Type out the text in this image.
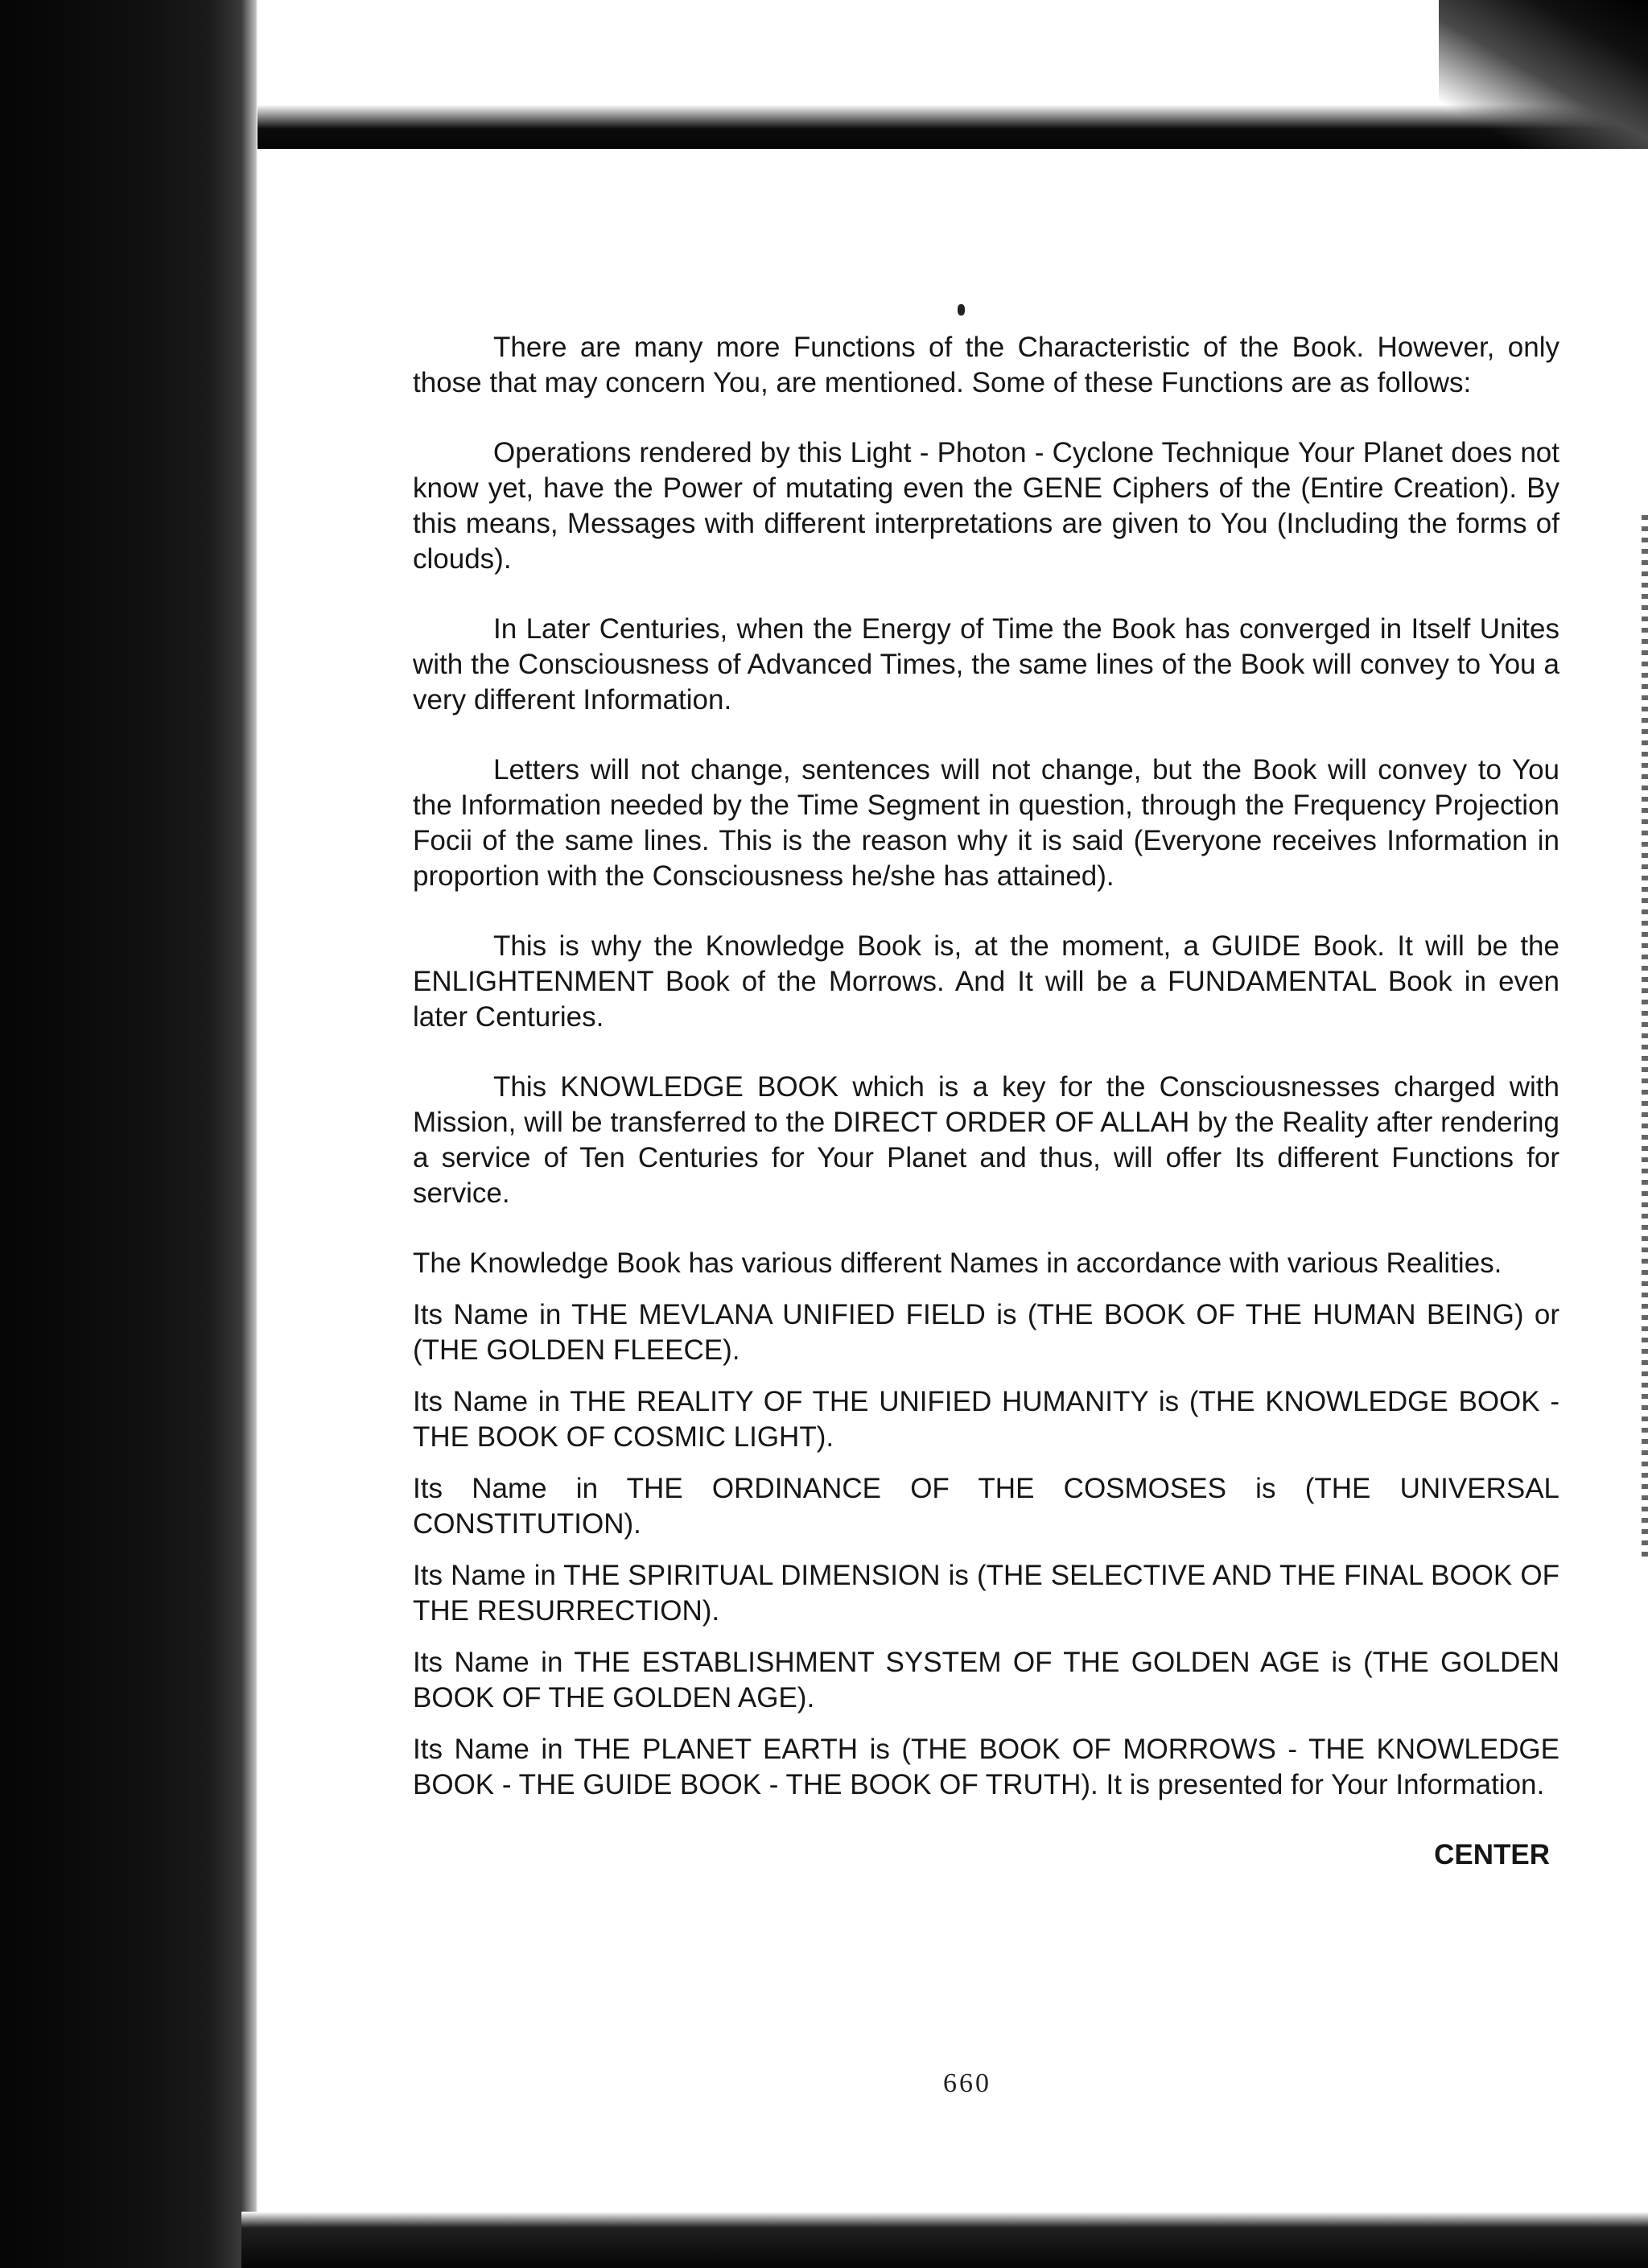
There are many more Functions of the Characteristic of the Book. However, only those that may concern You, are mentioned. Some of these Functions are as follows:

Operations rendered by this Light - Photon - Cyclone Technique Your Planet does not know yet, have the Power of mutating even the GENE Ciphers of the (Entire Creation). By this means, Messages with different interpretations are given to You (Including the forms of clouds).

In Later Centuries, when the Energy of Time the Book has converged in Itself Unites with the Consciousness of Advanced Times, the same lines of the Book will convey to You a very different Information.

Letters will not change, sentences will not change, but the Book will convey to You the Information needed by the Time Segment in question, through the Frequency Projection Focii of the same lines. This is the reason why it is said (Everyone receives Information in proportion with the Consciousness he/she has attained).

This is why the Knowledge Book is, at the moment, a GUIDE Book. It will be the ENLIGHTENMENT Book of the Morrows. And It will be a FUNDAMENTAL Book in even later Centuries.

This KNOWLEDGE BOOK which is a key for the Consciousnesses charged with Mission, will be transferred to the DIRECT ORDER OF ALLAH by the Reality after rendering a service of Ten Centuries for Your Planet and thus, will offer Its different Functions for service.

The Knowledge Book has various different Names in accordance with various Realities.

Its Name in THE MEVLANA UNIFIED FIELD is (THE BOOK OF THE HUMAN BEING) or (THE GOLDEN FLEECE).

Its Name in THE REALITY OF THE UNIFIED HUMANITY is (THE KNOWLEDGE BOOK - THE BOOK OF COSMIC LIGHT).

Its Name in THE ORDINANCE OF THE COSMOSES is (THE UNIVERSAL CONSTITUTION).

Its Name in THE SPIRITUAL DIMENSION is (THE SELECTIVE AND THE FINAL BOOK OF THE RESURRECTION).

Its Name in THE ESTABLISHMENT SYSTEM OF THE GOLDEN AGE is (THE GOLDEN BOOK OF THE GOLDEN AGE).

Its Name in THE PLANET EARTH is (THE BOOK OF MORROWS - THE KNOWLEDGE BOOK - THE GUIDE BOOK - THE BOOK OF TRUTH). It is presented for Your Information.

CENTER

660
